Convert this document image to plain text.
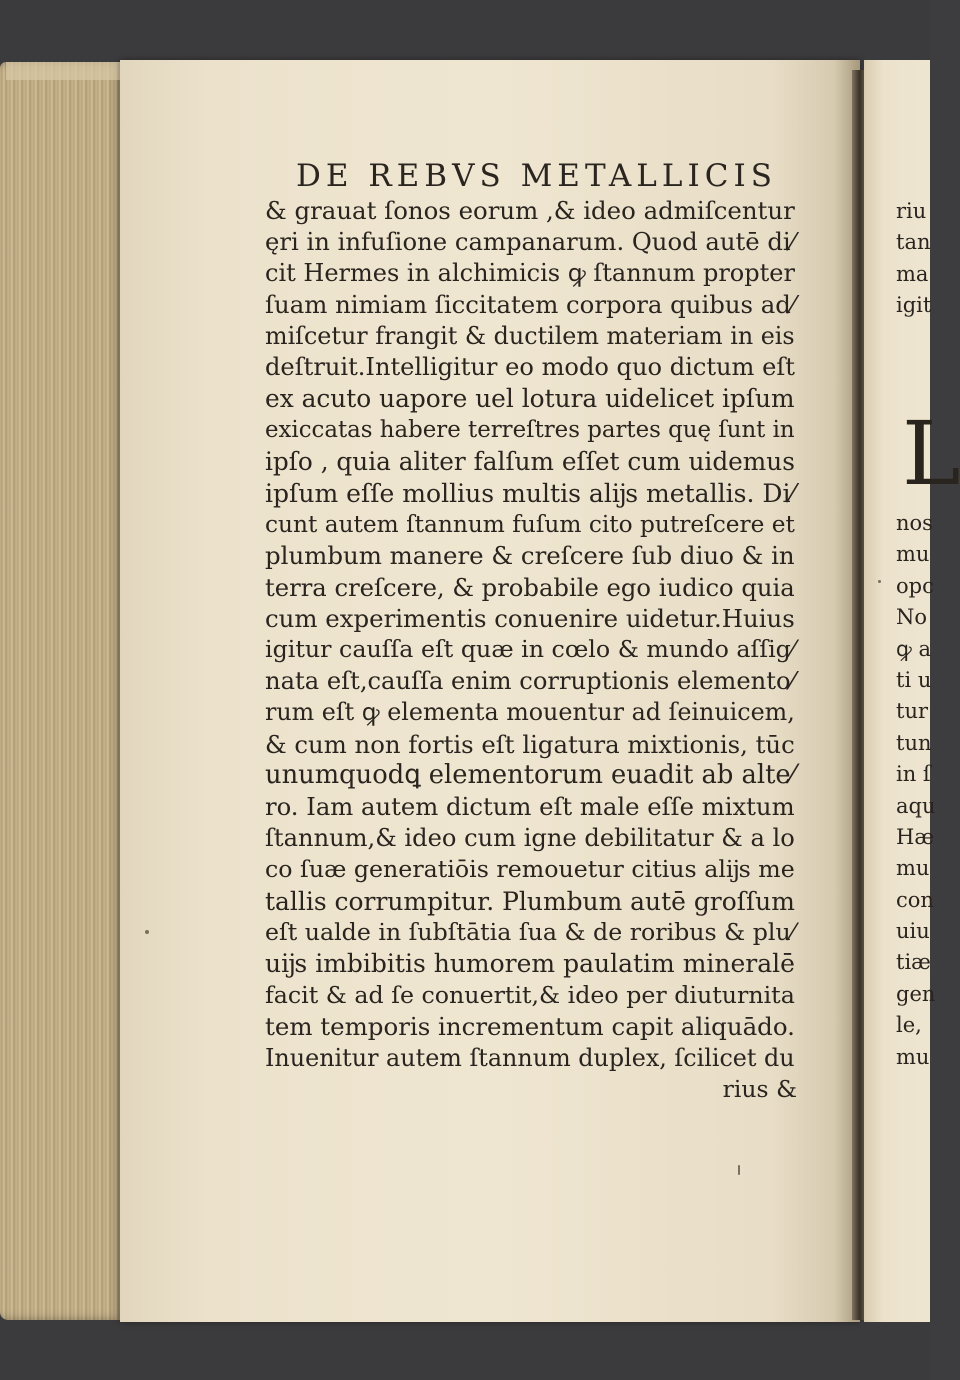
DE REBVS METALLICIS
& grauat ſonos eorum ,& ideo admiſcentur
ęri in infuſione campanarum. Quod autē di⁄
cit Hermes in alchimicis ꝙ ſtannum propter
ſuam nimiam ſiccitatem corpora quibus ad⁄
miſcetur frangit & ductilem materiam in eis
deſtruit.Intelligitur eo modo quo dictum eſt
ex acuto uapore uel lotura uidelicet ipſum
exiccatas habere terreſtres partes quę ſunt in
ipſo , quia aliter falſum eſſet cum uidemus
ipſum eſſe mollius multis alĳs metallis. Di⁄
cunt autem ſtannum fuſum cito putreſcere et
plumbum manere & creſcere ſub diuo & in
terra creſcere, & probabile ego iudico quia
cum experimentis conuenire uidetur.Huius
igitur cauſſa eſt quæ in cœlo & mundo aſſig⁄
nata eſt,cauſſa enim corruptionis elemento⁄
rum eſt ꝙ elementa mouentur ad ſeinuicem,
& cum non fortis eſt ligatura mixtionis, tūc
unumquodꝗ elementorum euadit ab alte⁄
ro. Iam autem dictum eſt male eſſe mixtum
ſtannum,& ideo cum igne debilitatur & a lo
co ſuæ generatiōis remouetur citius alĳs me
tallis corrumpitur. Plumbum autē groſſum
eſt ualde in ſubſtātia ſua & de roribus & plu⁄
uĳs imbibitis humorem paulatim mineralē
facit & ad ſe conuertit,& ideo per diuturnita
tem temporis incrementum capit aliquādo.
Inuenitur autem ſtannum duplex, ſcilicet du
rius &
riu
tan
ma
igit
L
nos
mu
opc
No
ꝙ a
ti u
tur
tun
in ſ
aqu
Hæ
mu
con
uiu
tiæ
gen
le,
mu
